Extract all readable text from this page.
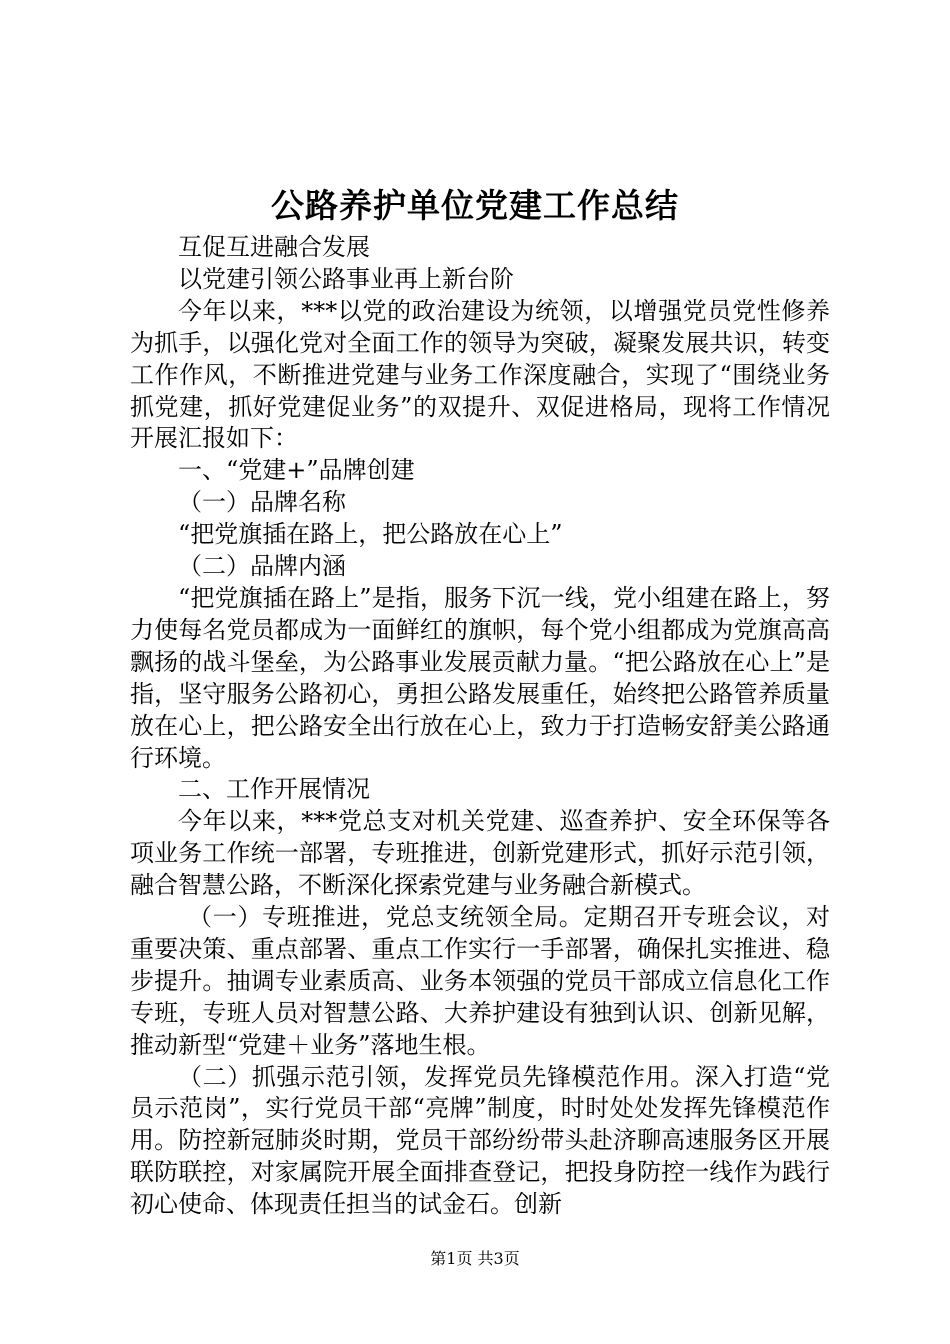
公路养护单位党建工作总结

互促互进融合发展

以党建引领公路事业再上新台阶

今年以来，***以党的政治建设为统领，以增强党员党性修养为抓手，以强化党对全面工作的领导为突破，凝聚发展共识，转变工作作风，不断推进党建与业务工作深度融合，实现了“围绕业务抓党建，抓好党建促业务”的双提升、双促进格局，现将工作情况开展汇报如下：

一、“党建+”品牌创建

（一）品牌名称

“把党旗插在路上，把公路放在心上”

（二）品牌内涵

“把党旗插在路上”是指，服务下沉一线，党小组建在路上，努力使每名党员都成为一面鲜红的旗帜，每个党小组都成为党旗高高飘扬的战斗堡垒，为公路事业发展贡献力量。“把公路放在心上”是指，坚守服务公路初心，勇担公路发展重任，始终把公路管养质量放在心上，把公路安全出行放在心上，致力于打造畅安舒美公路通行环境。

二、工作开展情况

今年以来，***党总支对机关党建、巡查养护、安全环保等各项业务工作统一部署，专班推进，创新党建形式，抓好示范引领，融合智慧公路，不断深化探索党建与业务融合新模式。

（一）专班推进，党总支统领全局。定期召开专班会议，对重要决策、重点部署、重点工作实行一手部署，确保扎实推进、稳步提升。抽调专业素质高、业务本领强的党员干部成立信息化工作专班，专班人员对智慧公路、大养护建设有独到认识、创新见解，推动新型“党建＋业务”落地生根。

（二）抓强示范引领，发挥党员先锋模范作用。深入打造“党员示范岗”，实行党员干部“亮牌”制度，时时处处发挥先锋模范作用。防控新冠肺炎时期，党员干部纷纷带头赴济聊高速服务区开展联防联控，对家属院开展全面排查登记，把投身防控一线作为践行初心使命、体现责任担当的试金石。创新

第1页 共3页
